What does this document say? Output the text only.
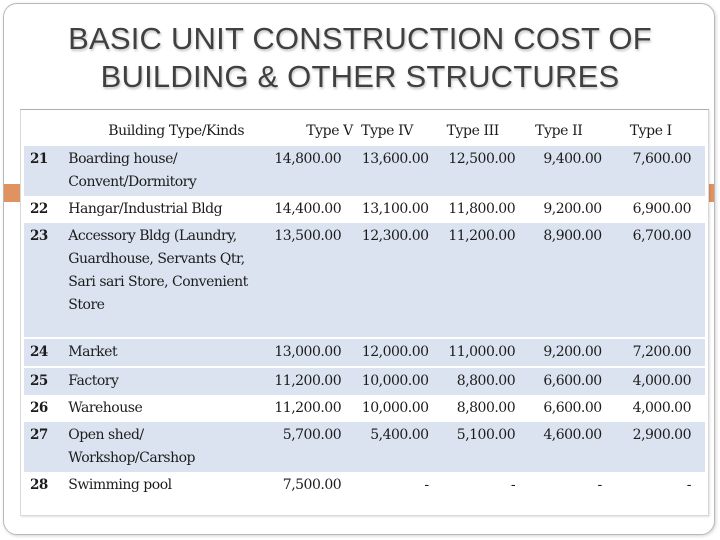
BASIC UNIT CONSTRUCTION COST OF
BUILDING & OTHER STRUCTURES
	Building Type/Kinds	Type V	Type IV	Type III	Type II	Type I
21	Boarding house/ Convent/Dormitory	14,800.00	13,600.00	12,500.00	9,400.00	7,600.00
22	Hangar/Industrial Bldg	14,400.00	13,100.00	11,800.00	9,200.00	6,900.00
23	Accessory Bldg (Laundry, Guardhouse, Servants Qtr, Sari sari Store, Convenient Store	13,500.00	12,300.00	11,200.00	8,900.00	6,700.00
24	Market	13,000.00	12,000.00	11,000.00	9,200.00	7,200.00
25	Factory	11,200.00	10,000.00	8,800.00	6,600.00	4,000.00
26	Warehouse	11,200.00	10,000.00	8,800.00	6,600.00	4,000.00
27	Open shed/ Workshop/Carshop	5,700.00	5,400.00	5,100.00	4,600.00	2,900.00
28	Swimming pool	7,500.00	-	-	-	-
